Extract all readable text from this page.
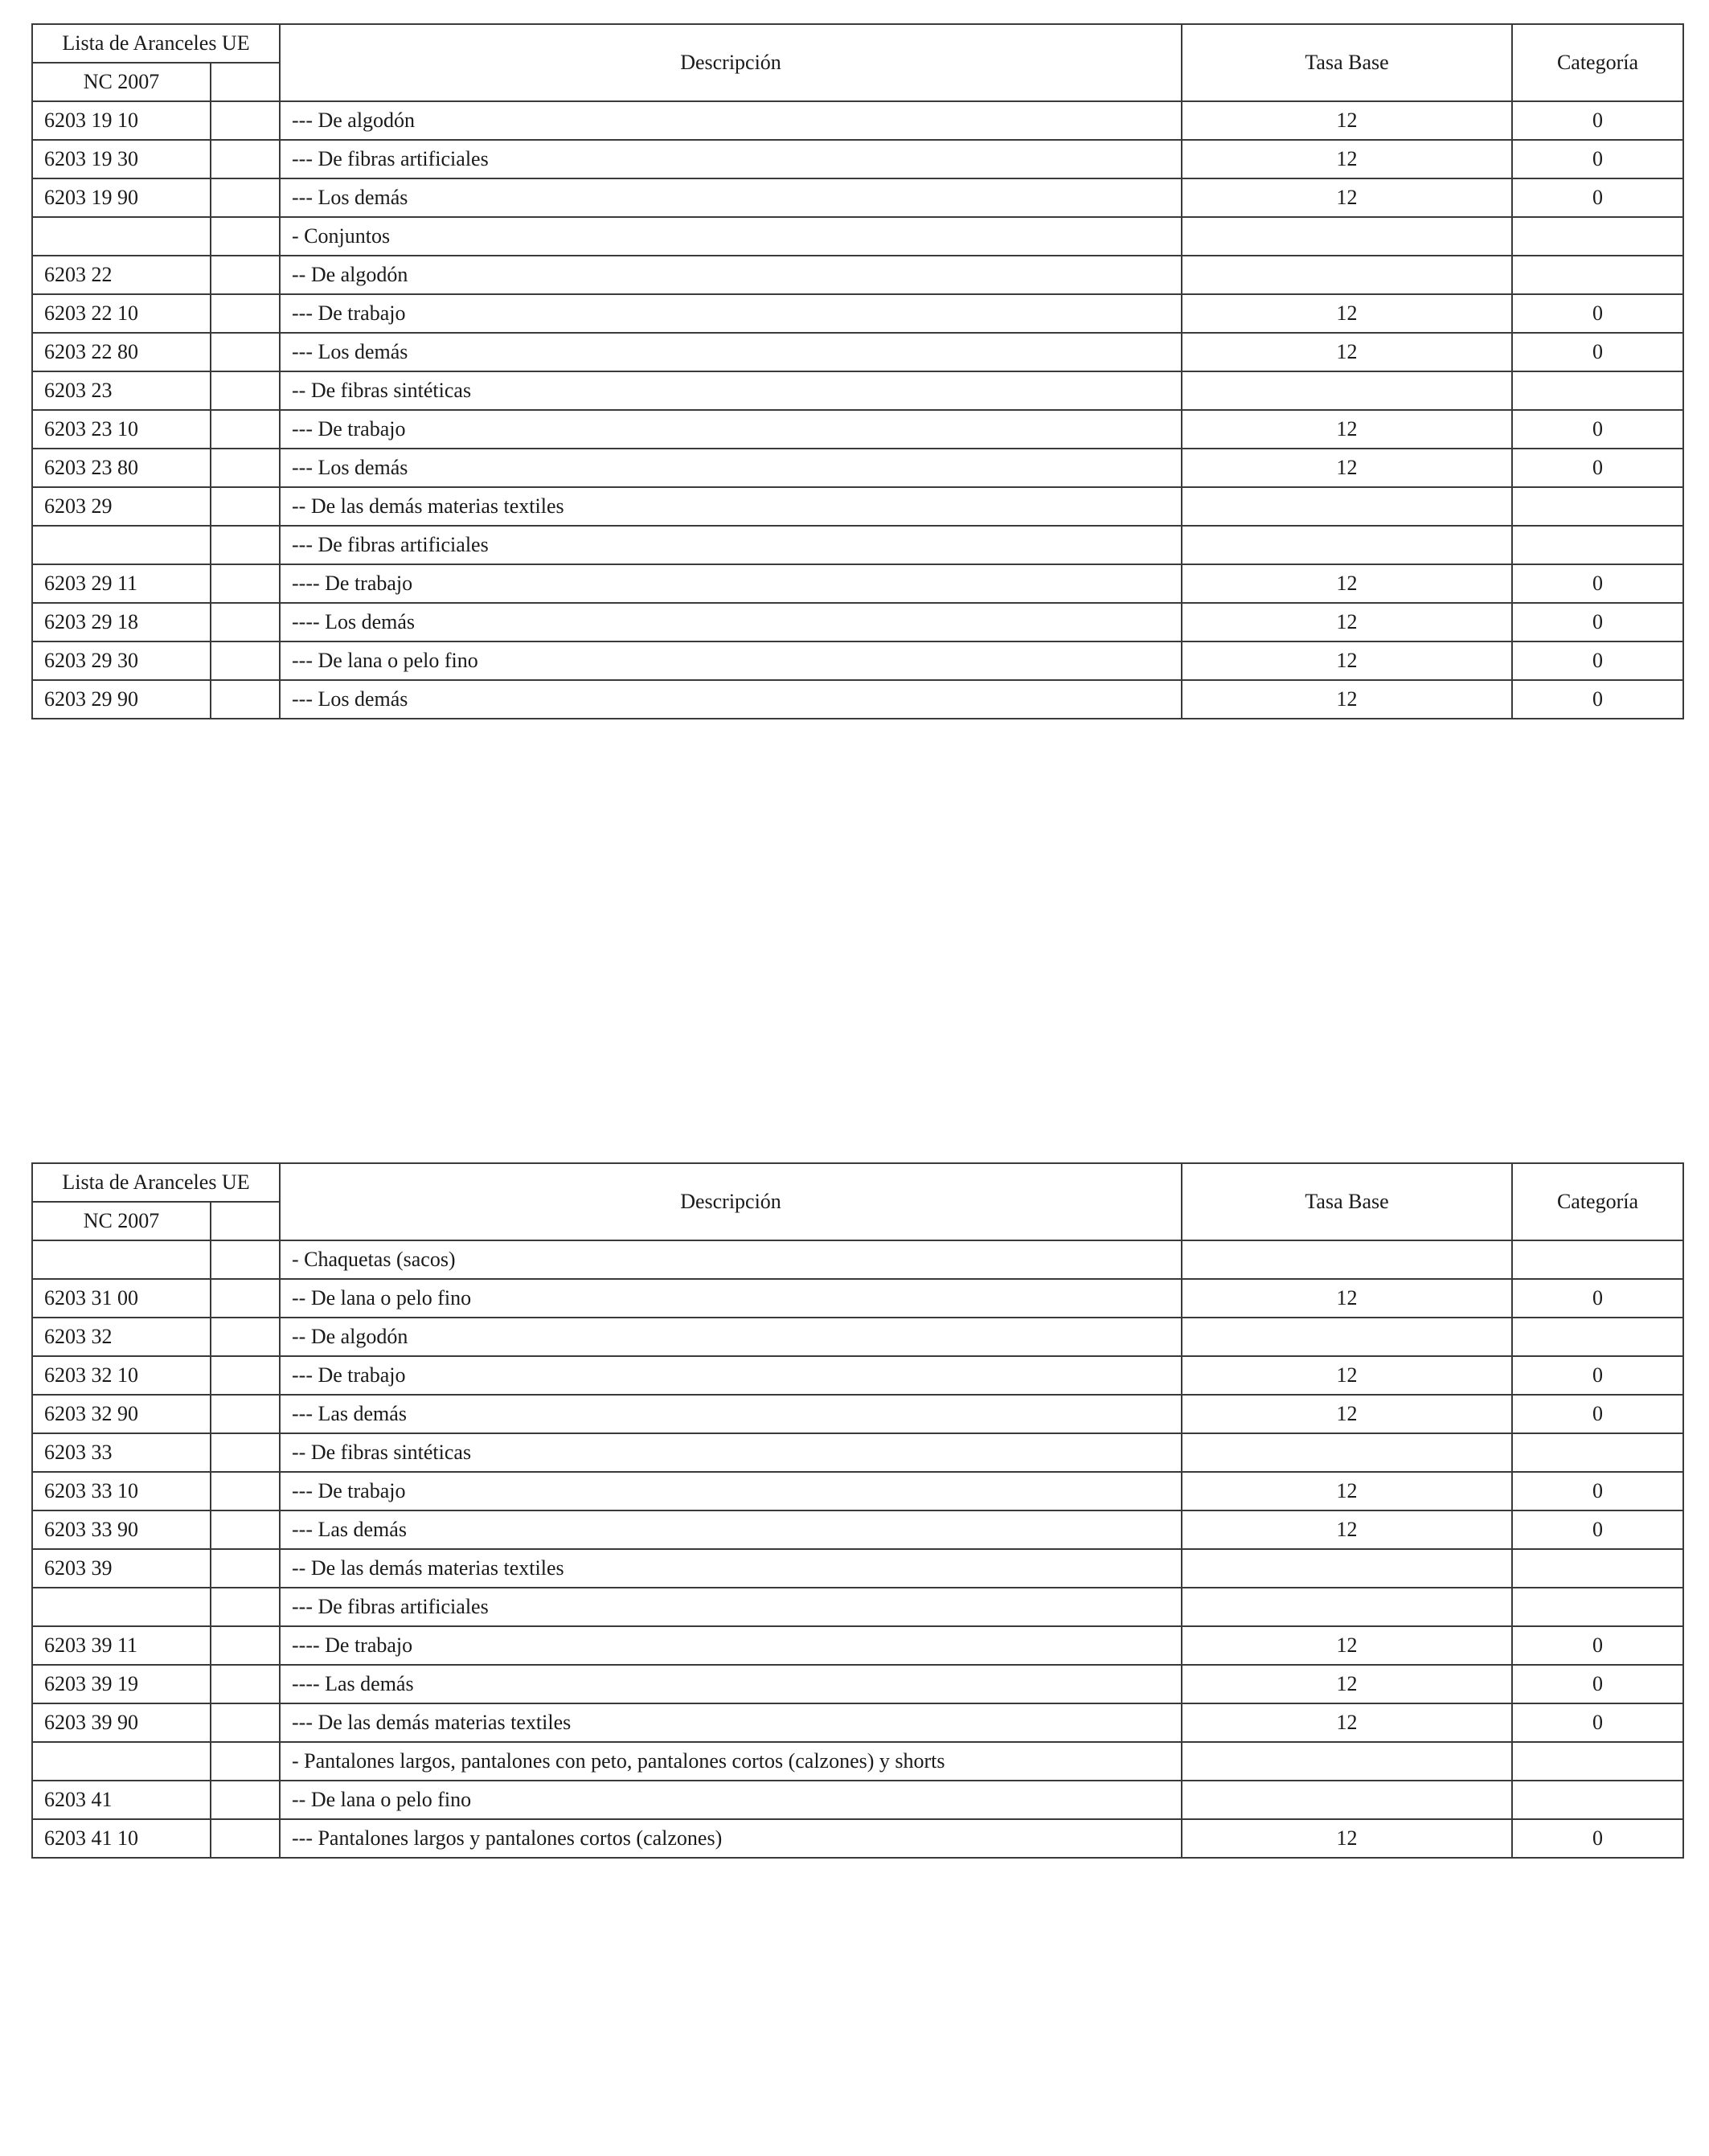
Lista de Aranceles UE		Descripción	Tasa Base	Categoría
NC 2007				
6203 19 10		--- De algodón	12	0
6203 19 30		--- De fibras artificiales	12	0
6203 19 90		--- Los demás	12	0
		- Conjuntos		
6203 22		-- De algodón		
6203 22 10		--- De trabajo	12	0
6203 22 80		--- Los demás	12	0
6203 23		-- De fibras sintéticas		
6203 23 10		--- De trabajo	12	0
6203 23 80		--- Los demás	12	0
6203 29		-- De las demás materias textiles		
		--- De fibras artificiales		
6203 29 11		---- De trabajo	12	0
6203 29 18		---- Los demás	12	0
6203 29 30		--- De lana o pelo fino	12	0
6203 29 90		--- Los demás	12	0
Lista de Aranceles UE		Descripción	Tasa Base	Categoría
NC 2007				
		- Chaquetas (sacos)		
6203 31 00		-- De lana o pelo fino	12	0
6203 32		-- De algodón		
6203 32 10		--- De trabajo	12	0
6203 32 90		--- Las demás	12	0
6203 33		-- De fibras sintéticas		
6203 33 10		--- De trabajo	12	0
6203 33 90		--- Las demás	12	0
6203 39		-- De las demás materias textiles		
		--- De fibras artificiales		
6203 39 11		---- De trabajo	12	0
6203 39 19		---- Las demás	12	0
6203 39 90		--- De las demás materias textiles	12	0
		- Pantalones largos, pantalones con peto, pantalones cortos (calzones) y shorts		
6203 41		-- De lana o pelo fino		
6203 41 10		--- Pantalones largos y pantalones cortos (calzones)	12	0
